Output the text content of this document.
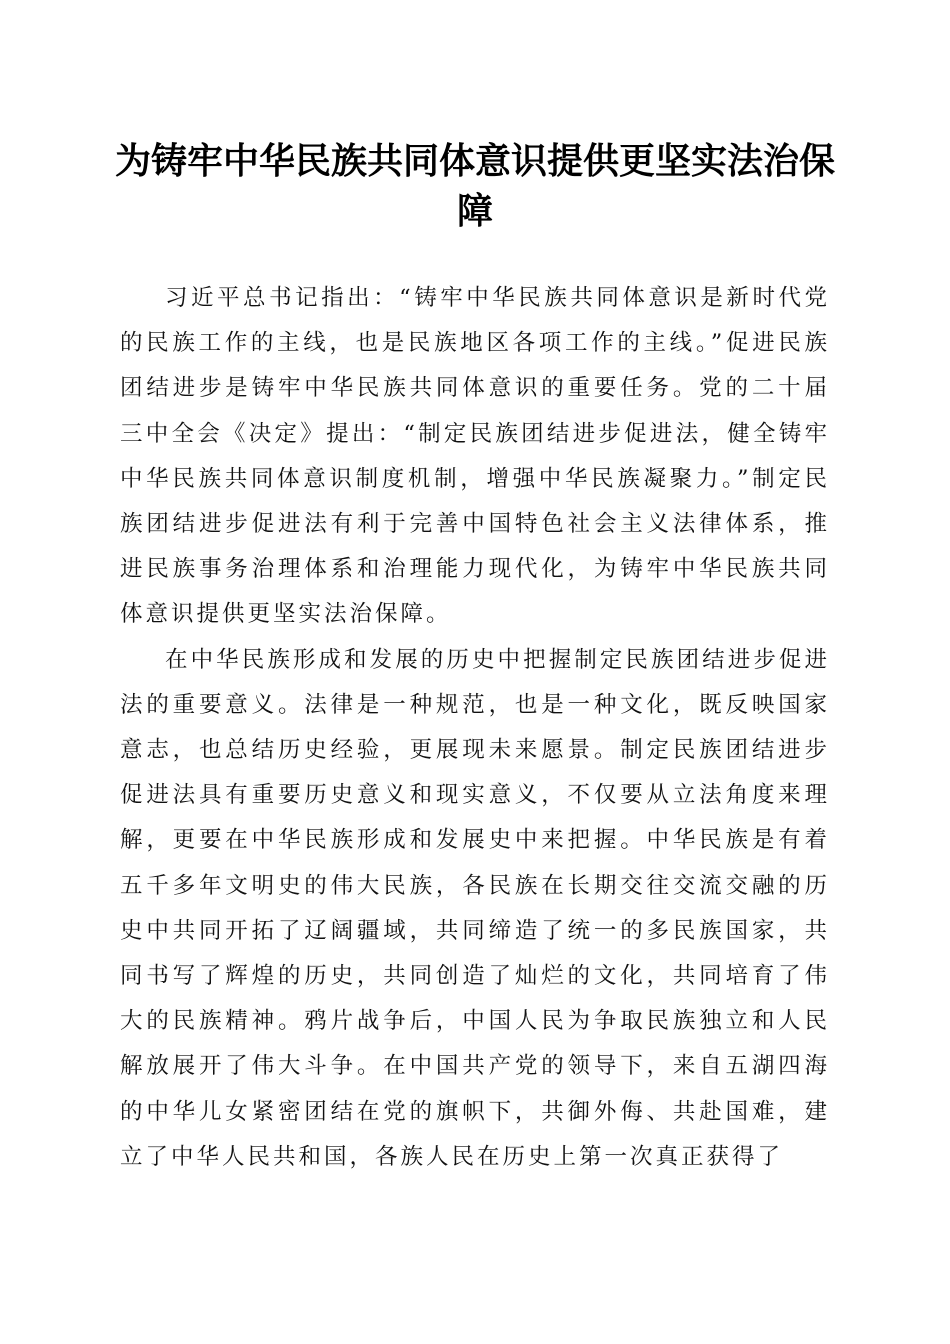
为铸牢中华民族共同体意识提供更坚实法治保障

习近平总书记指出：“铸牢中华民族共同体意识是新时代党的民族工作的主线，也是民族地区各项工作的主线。”促进民族团结进步是铸牢中华民族共同体意识的重要任务。党的二十届三中全会《决定》提出：“制定民族团结进步促进法，健全铸牢中华民族共同体意识制度机制，增强中华民族凝聚力。”制定民族团结进步促进法有利于完善中国特色社会主义法律体系，推进民族事务治理体系和治理能力现代化，为铸牢中华民族共同体意识提供更坚实法治保障。

在中华民族形成和发展的历史中把握制定民族团结进步促进法的重要意义。法律是一种规范，也是一种文化，既反映国家意志，也总结历史经验，更展现未来愿景。制定民族团结进步促进法具有重要历史意义和现实意义，不仅要从立法角度来理解，更要在中华民族形成和发展史中来把握。中华民族是有着五千多年文明史的伟大民族，各民族在长期交往交流交融的历史中共同开拓了辽阔疆域，共同缔造了统一的多民族国家，共同书写了辉煌的历史，共同创造了灿烂的文化，共同培育了伟大的民族精神。鸦片战争后，中国人民为争取民族独立和人民解放展开了伟大斗争。在中国共产党的领导下，来自五湖四海的中华儿女紧密团结在党的旗帜下，共御外侮、共赴国难，建立了中华人民共和国，各族人民在历史上第一次真正获得了
